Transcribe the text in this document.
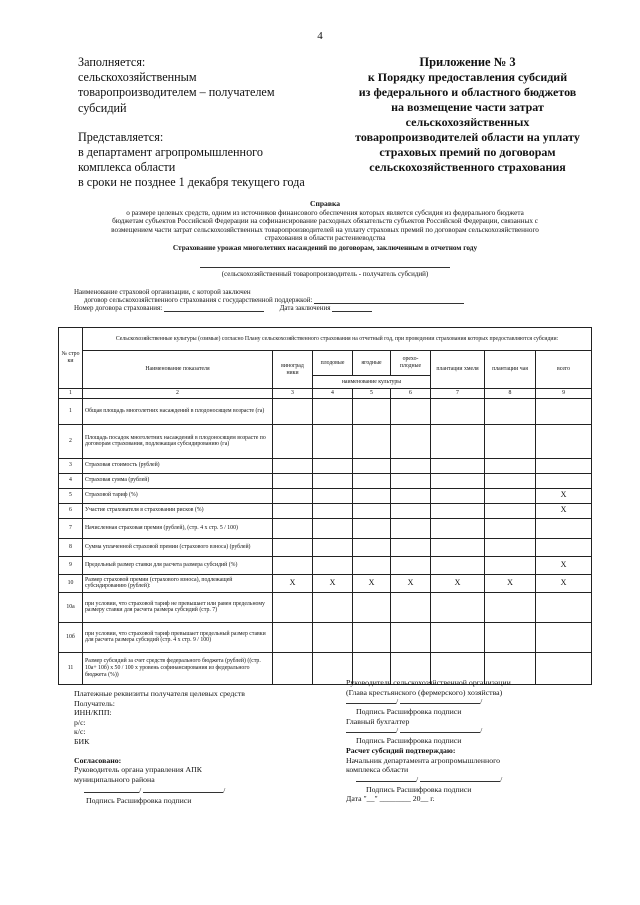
4
Заполняется:
сельскохозяйственным
товаропроизводителем – получателем
субсидий
Представляется:
в департамент агропромышленного
комплекса области
в сроки не позднее 1 декабря текущего года
Приложение № 3
к Порядку предоставления субсидий
из федерального и областного бюджетов
на возмещение части затрат
сельскохозяйственных
товаропроизводителей области на уплату
страховых премий по договорам
сельскохозяйственного страхования
Справка
о размере целевых средств, одним из источников финансового обеспечения которых является субсидия из федерального бюджета
бюджетам субъектов Российской Федерации на софинансирование расходных обязательств субъектов Российской Федерации, связанных с
возмещением части затрат сельскохозяйственных товаропроизводителей на уплату страховых премий по договорам сельскохозяйственного
страхования в области растениеводства
Страхование урожая многолетних насаждений по договорам, заключенным в отчетном году
(сельскохозяйственный товаропроизводитель - получатель субсидий)
Наименование страховой организации, с которой заключен
договор сельскохозяйственного страхования с государственной поддержкой:
Номер договора страхования:	Дата заключения
№ стро ки	Сельскохозяйственные культуры (озимые) согласно Плану сельскохозяйственного страхования на отчетный год, при проведении страхования которых предоставляются субсидии:							
	Наименование показателя	виноград ники	плодовые	ягодные	орехо-плодные	плантации хмеля	плантации чая	всего
			наименование культуры					
1	2	3	4	5	6	7	8	9
1	Общая площадь многолетних насаждений в плодоносящем возрасте (га)							
2	Площадь посадок многолетних насаждений в плодоносящем возрасте по договорам страхования, подлежащая субсидированию (га)							
3	Страховая стоимость (рублей)							
4	Страховая сумма (рублей)							
5	Страховой тариф (%)							X
6	Участие страхователя в страховании рисков (%)							X
7	Начисленная страховая премия (рублей), (стр. 4 х стр. 5 / 100)							
8	Сумма уплаченной страховой премии (страхового взноса) (рублей)							
9	Предельный размер ставки для расчета размера субсидий (%)							X
10	Размер страховой премии (страхового взноса), подлежащей субсидированию (рублей):	X	X	X	X	X	X	X
10а	при условии, что страховой тариф не превышает или равен предельному размеру ставки для расчета размера субсидий (стр. 7)							
10б	при условии, что страховой тариф превышает предельный размер ставки для расчета размера субсидий (стр. 4 х стр. 9 / 100)							
11	Размер субсидий за счет средств федерального бюджета (рублей) ((стр. 10а+ 10б) х 50 / 100 х уровень софинансирования из федерального бюджета (%))							
Платежные реквизиты получателя целевых средств
Получатель:
ИНН/КПП:
р/с:
к/с:
БИК
Согласовано:
Руководитель органа управления АПК
муниципального района
/	/
Подпись Расшифровка подписи
Руководитель сельскохозяйственной организации
(Глава крестьянского (фермерского) хозяйства)
/	/
Подпись Расшифровка подписи
Главный бухгалтер
/	/
Подпись Расшифровка подписи
Расчет субсидий подтверждаю:
Начальник департамента агропромышленного
комплекса области
/	/
Подпись Расшифровка подписи
Дата "__" ________ 20__ г.
